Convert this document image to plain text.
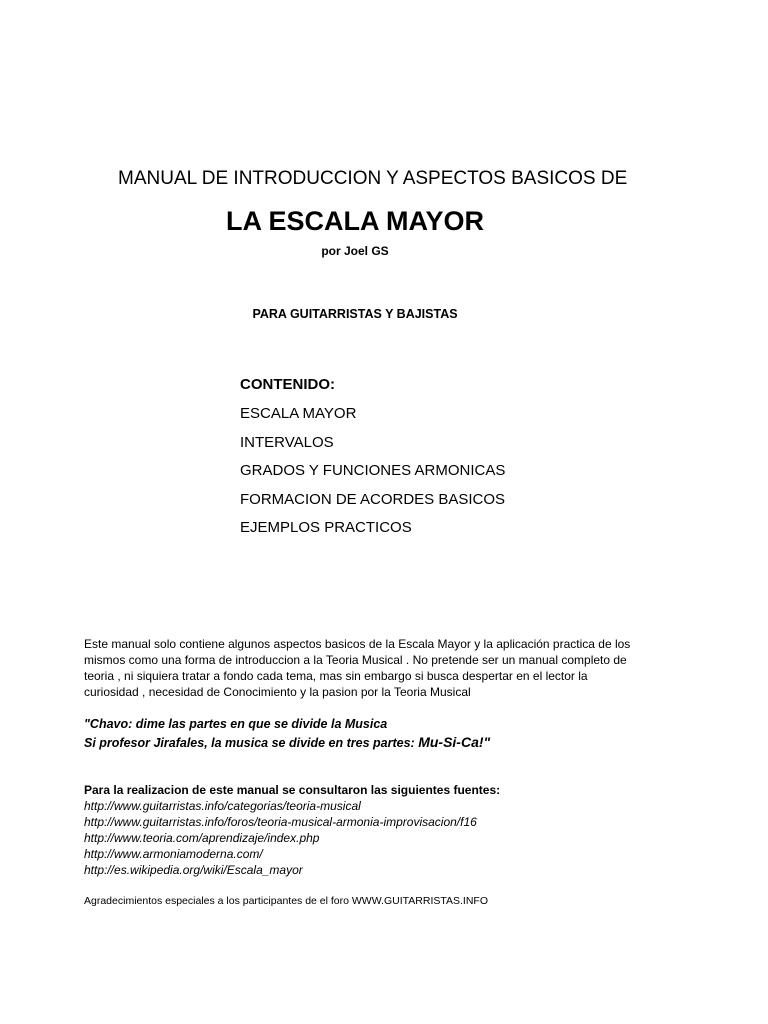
MANUAL DE INTRODUCCION Y ASPECTOS BASICOS DE
LA ESCALA MAYOR
por Joel GS
PARA GUITARRISTAS Y BAJISTAS
CONTENIDO:
ESCALA MAYOR
INTERVALOS
GRADOS Y FUNCIONES ARMONICAS
FORMACION DE ACORDES BASICOS
EJEMPLOS PRACTICOS
Este manual solo contiene algunos aspectos basicos de la Escala Mayor y la aplicación practica de los
mismos como una forma de introduccion a la Teoria Musical . No pretende ser un manual completo de
teoria , ni siquiera tratar a fondo cada tema, mas sin embargo si busca despertar en el lector la
curiosidad , necesidad de Conocimiento y la pasion por la Teoria Musical
"Chavo: dime las partes en que se divide la Musica
Si profesor Jirafales, la musica se divide en tres partes: Mu-Si-Ca!"
Para la realizacion de este manual se consultaron las siguientes fuentes:
http://www.guitarristas.info/categorias/teoria-musical
http://www.guitarristas.info/foros/teoria-musical-armonia-improvisacion/f16
http://www.teoria.com/aprendizaje/index.php
http://www.armoniamoderna.com/
http://es.wikipedia.org/wiki/Escala_mayor
Agradecimientos especiales a los participantes de el foro WWW.GUITARRISTAS.INFO
